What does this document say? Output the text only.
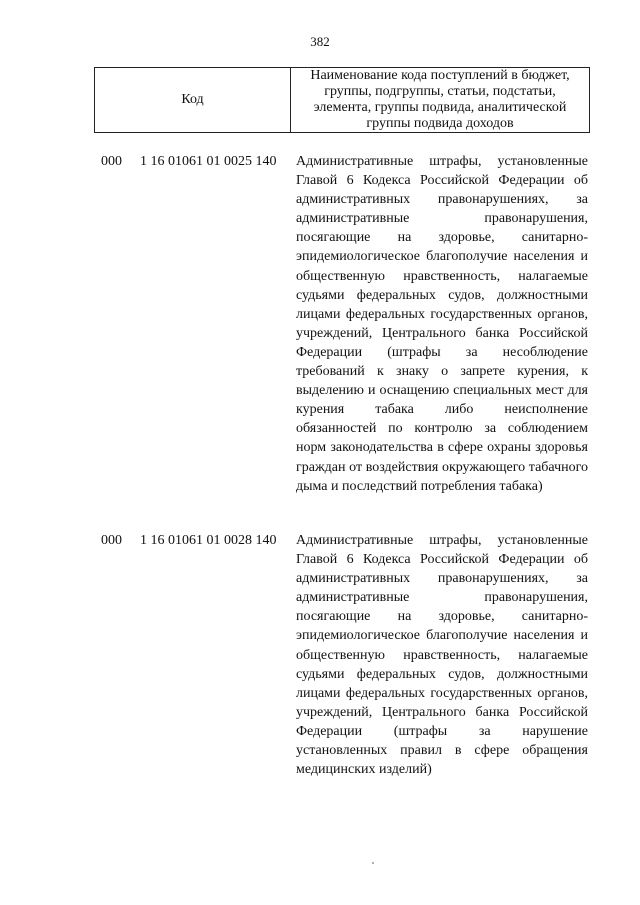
382
Код
Наименование кода поступлений в бюджет, группы, подгруппы, статьи, подстатьи, элемента, группы подвида, аналитической группы подвида доходов
000 1 16 01061 01 0025 140 Административные штрафы, установленные Главой 6 Кодекса Российской Федерации об административных правонарушениях, за административные правонарушения, посягающие на здоровье, санитарно-эпидемиологическое благополучие населения и общественную нравственность, налагаемые судьями федеральных судов, должностными лицами федеральных государственных органов, учреждений, Центрального банка Российской Федерации (штрафы за несоблюдение требований к знаку о запрете курения, к выделению и оснащению специальных мест для курения табака либо неисполнение обязанностей по контролю за соблюдением норм законодательства в сфере охраны здоровья граждан от воздействия окружающего табачного дыма и последствий потребления табака)
000 1 16 01061 01 0028 140 Административные штрафы, установленные Главой 6 Кодекса Российской Федерации об административных правонарушениях, за административные правонарушения, посягающие на здоровье, санитарно-эпидемиологическое благополучие населения и общественную нравственность, налагаемые судьями федеральных судов, должностными лицами федеральных государственных органов, учреждений, Центрального банка Российской Федерации (штрафы за нарушение установленных правил в сфере обращения медицинских изделий)
